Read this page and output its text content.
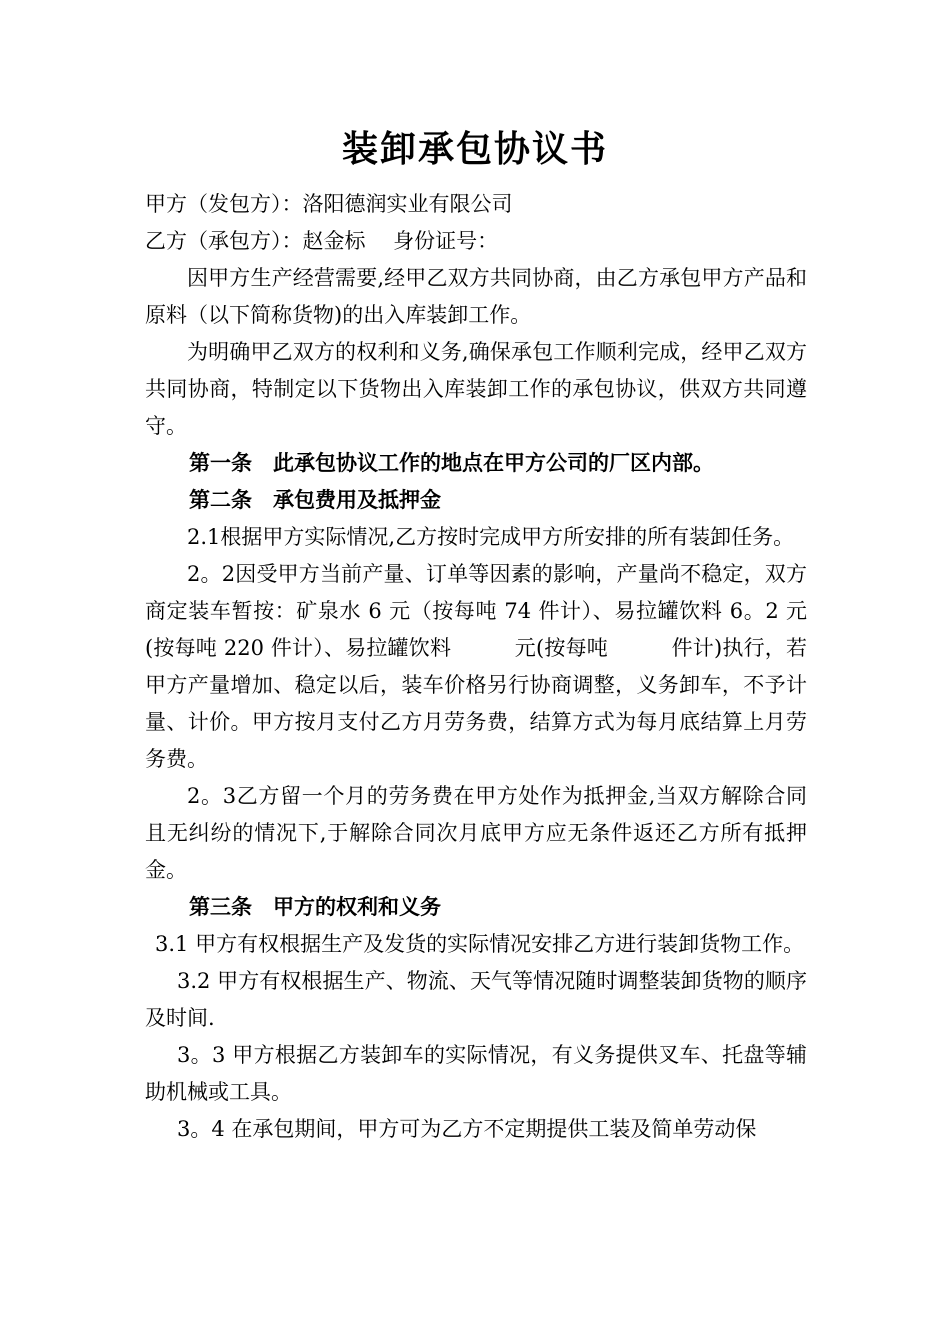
装卸承包协议书

甲方（发包方）：洛阳德润实业有限公司

乙方（承包方）：赵金标　 身份证号：

因甲方生产经营需要,经甲乙双方共同协商，由乙方承包甲方产品和原料（以下简称货物)的出入库装卸工作。

为明确甲乙双方的权利和义务,确保承包工作顺利完成，经甲乙双方共同协商，特制定以下货物出入库装卸工作的承包协议，供双方共同遵守。

第一条　此承包协议工作的地点在甲方公司的厂区内部。

第二条　承包费用及抵押金

2.1根据甲方实际情况,乙方按时完成甲方所安排的所有装卸任务。

2。2因受甲方当前产量、订单等因素的影响，产量尚不稳定，双方商定装车暂按：矿泉水 6 元（按每吨 74 件计）、易拉罐饮料 6。2 元(按每吨 220 件计）、易拉罐饮料　　　元(按每吨　　　件计)执行，若甲方产量增加、稳定以后，装车价格另行协商调整，义务卸车，不予计量、计价。甲方按月支付乙方月劳务费，结算方式为每月底结算上月劳务费。

2。3乙方留一个月的劳务费在甲方处作为抵押金,当双方解除合同且无纠纷的情况下,于解除合同次月底甲方应无条件返还乙方所有抵押金。

第三条　甲方的权利和义务

3.1 甲方有权根据生产及发货的实际情况安排乙方进行装卸货物工作。

3.2 甲方有权根据生产、物流、天气等情况随时调整装卸货物的顺序及时间.

3。3 甲方根据乙方装卸车的实际情况，有义务提供叉车、托盘等辅助机械或工具。

3。4 在承包期间，甲方可为乙方不定期提供工装及简单劳动保
